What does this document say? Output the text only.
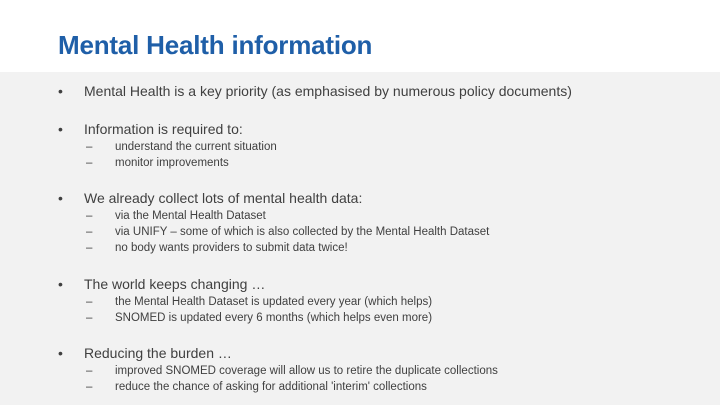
Mental Health information
• Mental Health is a key priority (as emphasised by numerous policy documents)
• Information is required to:
– understand the current situation
– monitor improvements
• We already collect lots of mental health data:
– via the Mental Health Dataset
– via UNIFY – some of which is also collected by the Mental Health Dataset
– no body wants providers to submit data twice!
• The world keeps changing …
– the Mental Health Dataset is updated every year (which helps)
– SNOMED is updated every 6 months (which helps even more)
• Reducing the burden …
– improved SNOMED coverage will allow us to retire the duplicate collections
– reduce the chance of asking for additional 'interim' collections
